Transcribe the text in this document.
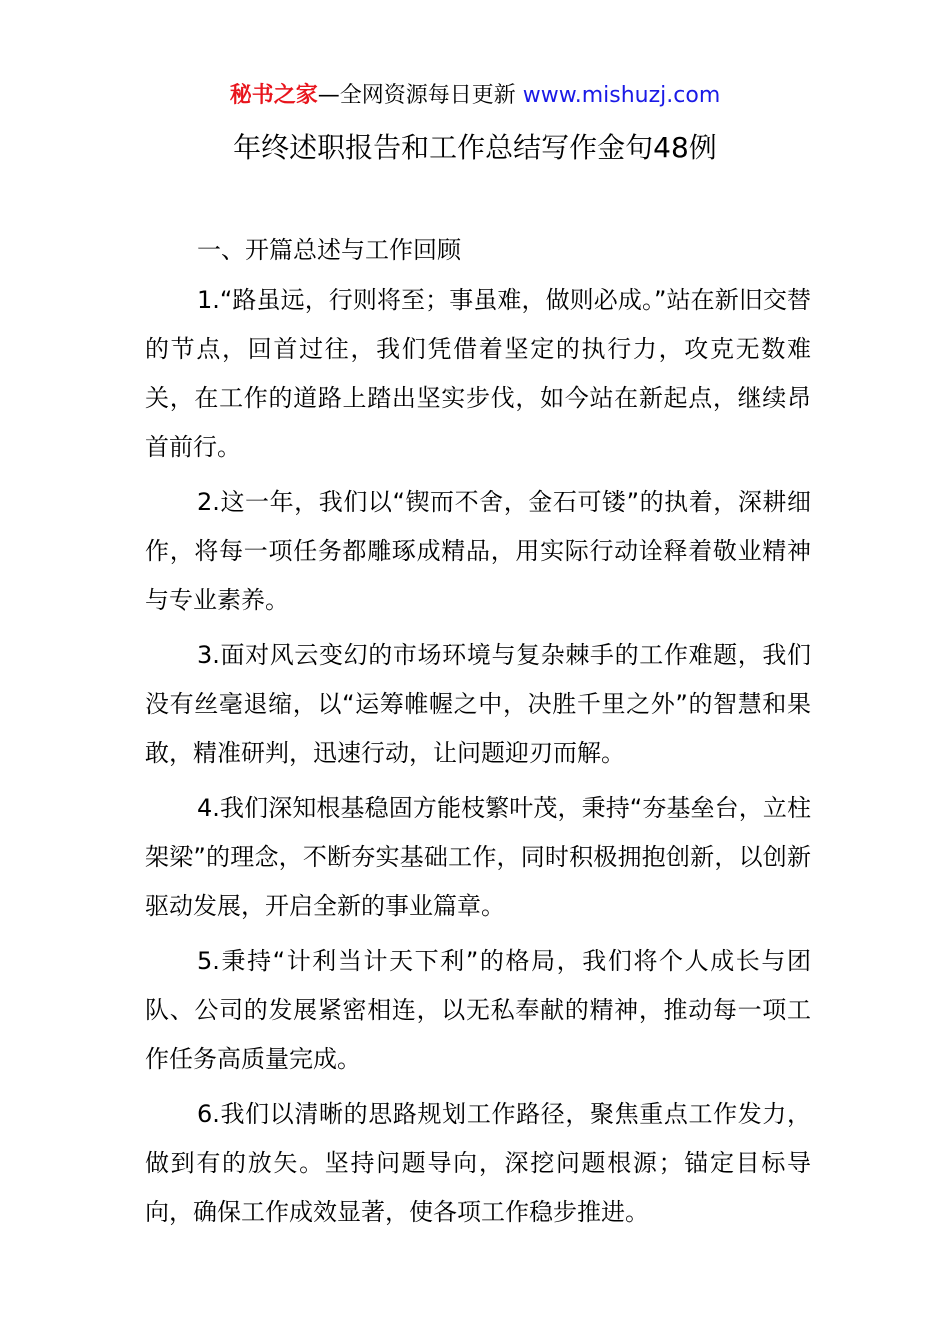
秘书之家—全网资源每日更新 www.mishuzj.com
年终述职报告和工作总结写作金句48例

一、开篇总述与工作回顾

1.“路虽远，行则将至；事虽难，做则必成。”站在新旧交替的节点，回首过往，我们凭借着坚定的执行力，攻克无数难关，在工作的道路上踏出坚实步伐，如今站在新起点，继续昂首前行。

2.这一年，我们以“锲而不舍，金石可镂”的执着，深耕细作，将每一项任务都雕琢成精品，用实际行动诠释着敬业精神与专业素养。

3.面对风云变幻的市场环境与复杂棘手的工作难题，我们没有丝毫退缩，以“运筹帷幄之中，决胜千里之外”的智慧和果敢，精准研判，迅速行动，让问题迎刃而解。

4.我们深知根基稳固方能枝繁叶茂，秉持“夯基垒台，立柱架梁”的理念，不断夯实基础工作，同时积极拥抱创新，以创新驱动发展，开启全新的事业篇章。

5.秉持“计利当计天下利”的格局，我们将个人成长与团队、公司的发展紧密相连，以无私奉献的精神，推动每一项工作任务高质量完成。

6.我们以清晰的思路规划工作路径，聚焦重点工作发力，做到有的放矢。坚持问题导向，深挖问题根源；锚定目标导向，确保工作成效显著，使各项工作稳步推进。
